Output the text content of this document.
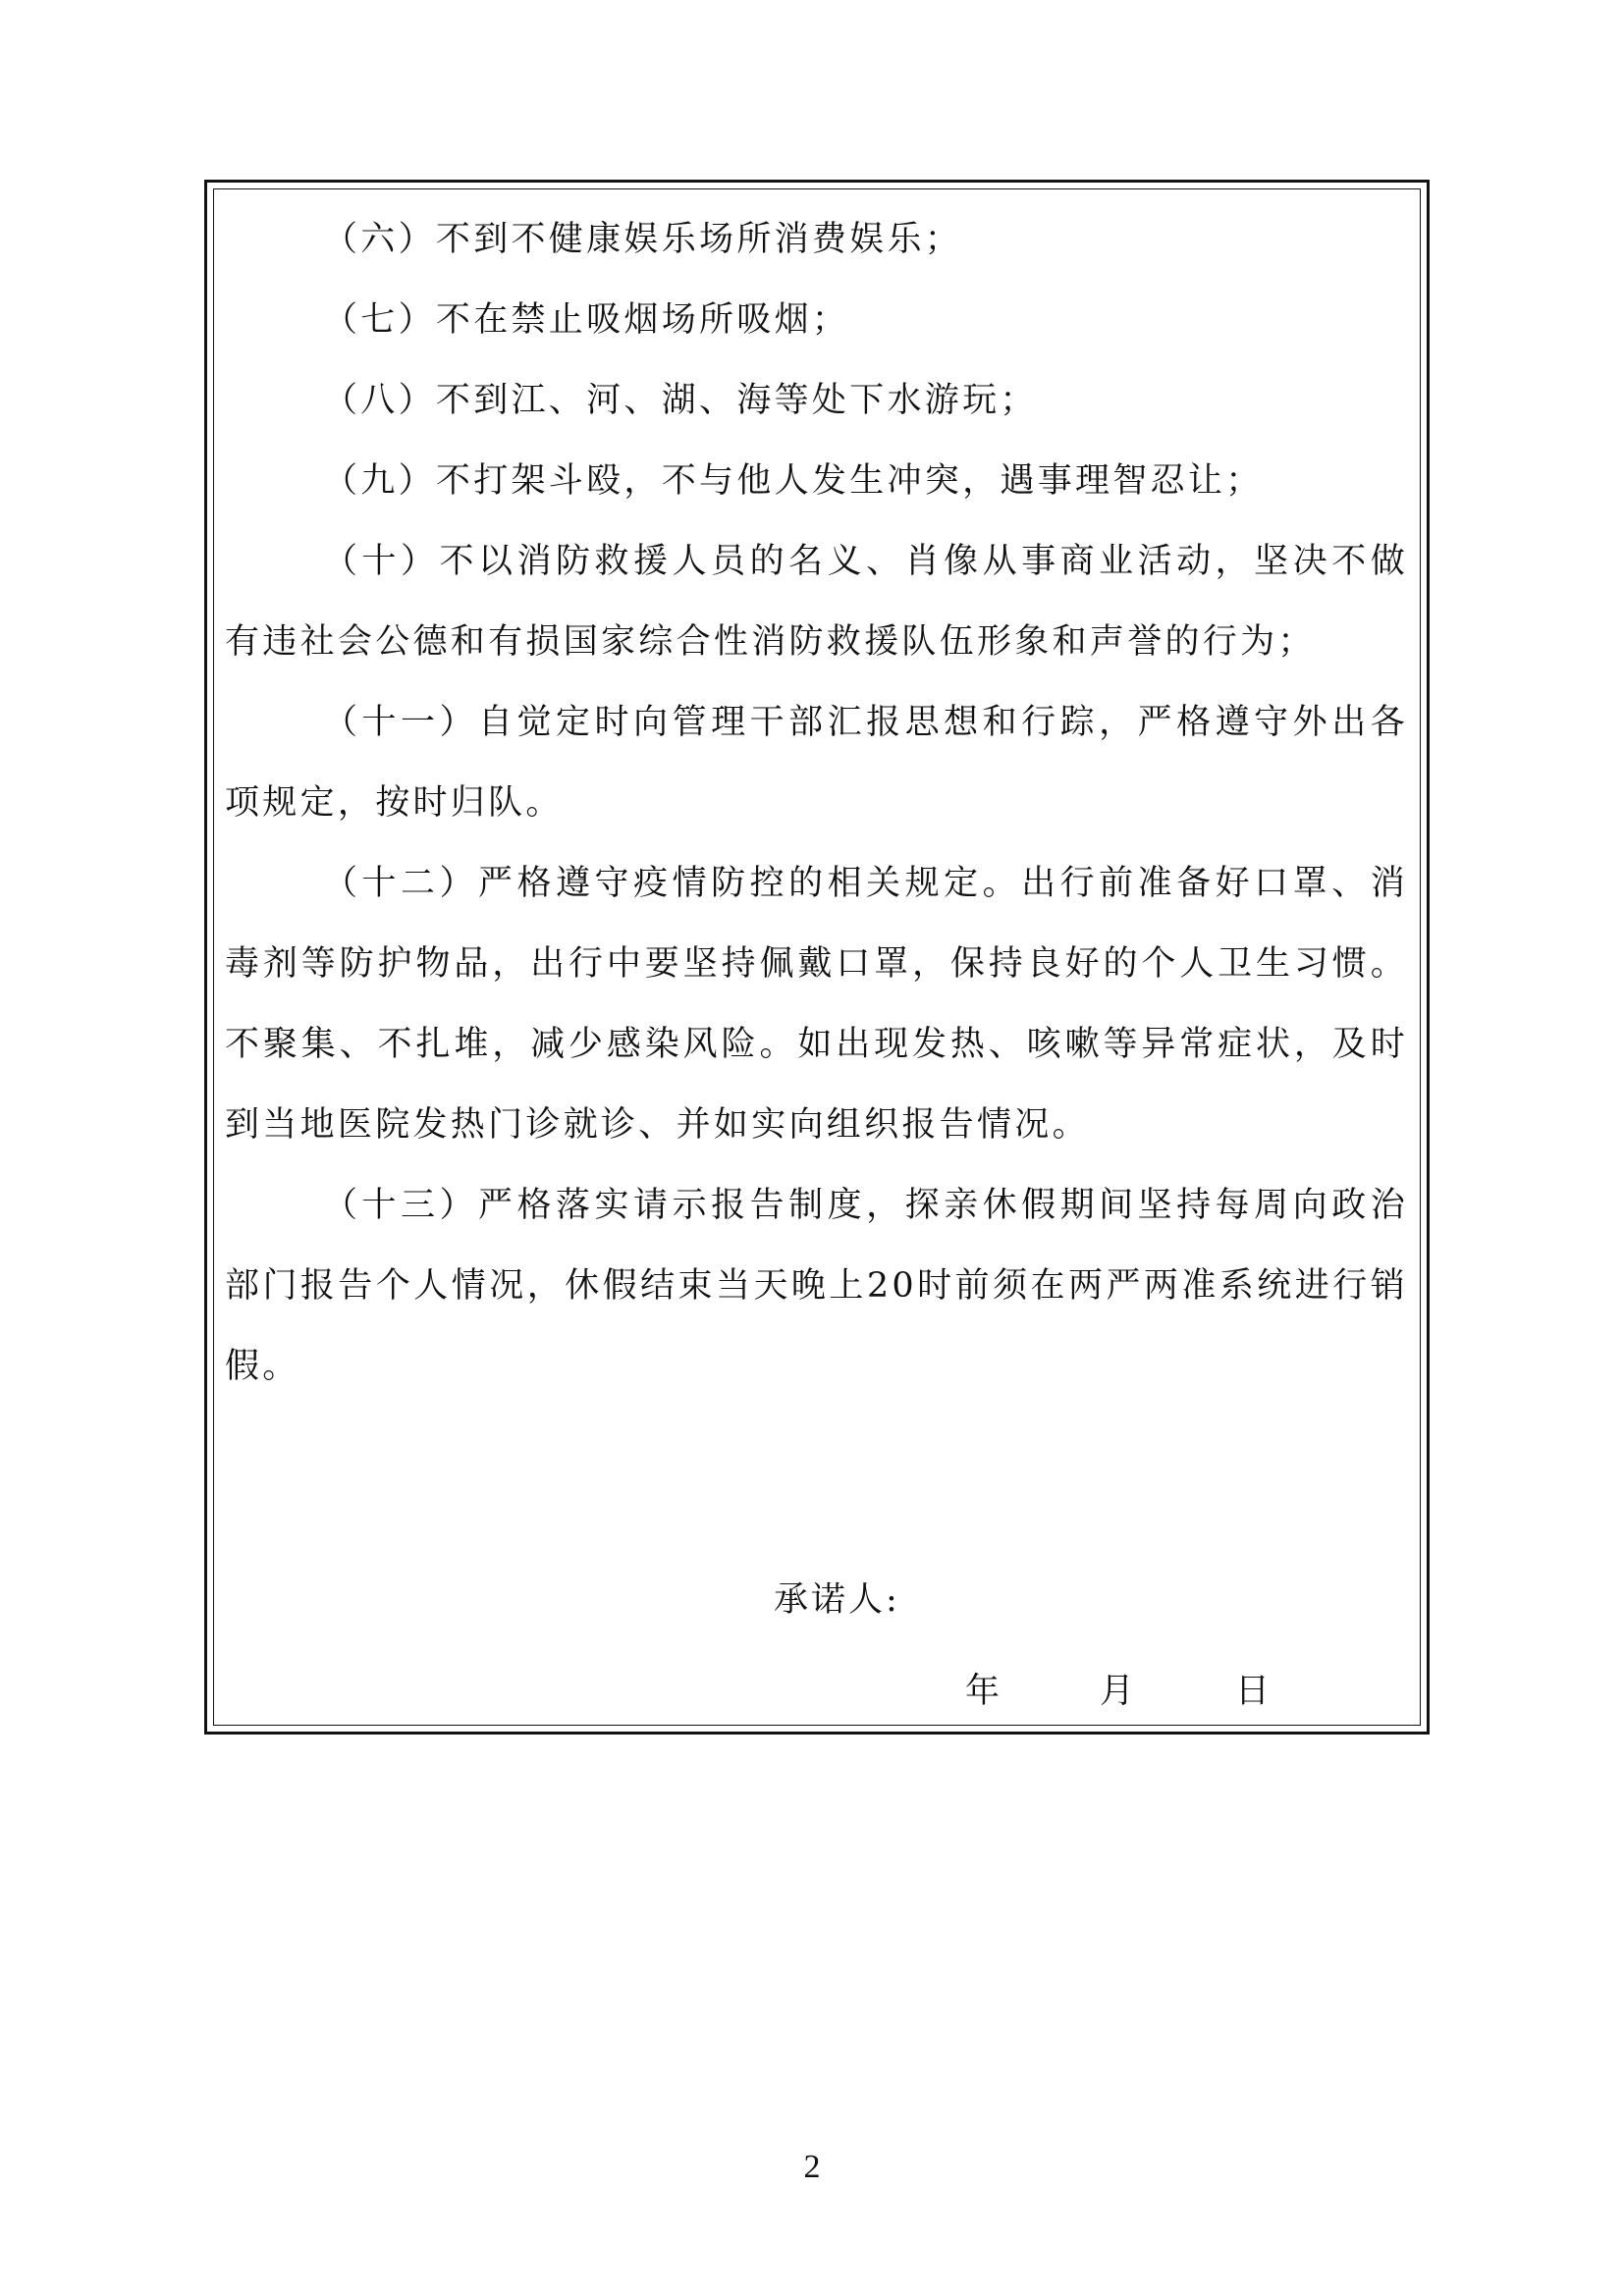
（六）不到不健康娱乐场所消费娱乐；

（七）不在禁止吸烟场所吸烟；

（八）不到江、河、湖、海等处下水游玩；

（九）不打架斗殴，不与他人发生冲突，遇事理智忍让；

（十）不以消防救援人员的名义、肖像从事商业活动，坚决不做有违社会公德和有损国家综合性消防救援队伍形象和声誉的行为；

（十一）自觉定时向管理干部汇报思想和行踪，严格遵守外出各项规定，按时归队。

（十二）严格遵守疫情防控的相关规定。出行前准备好口罩、消毒剂等防护物品，出行中要坚持佩戴口罩，保持良好的个人卫生习惯。不聚集、不扎堆，减少感染风险。如出现发热、咳嗽等异常症状，及时到当地医院发热门诊就诊、并如实向组织报告情况。

（十三）严格落实请示报告制度，探亲休假期间坚持每周向政治部门报告个人情况，休假结束当天晚上20时前须在两严两准系统进行销假。

承诺人:
年	月	日
2
